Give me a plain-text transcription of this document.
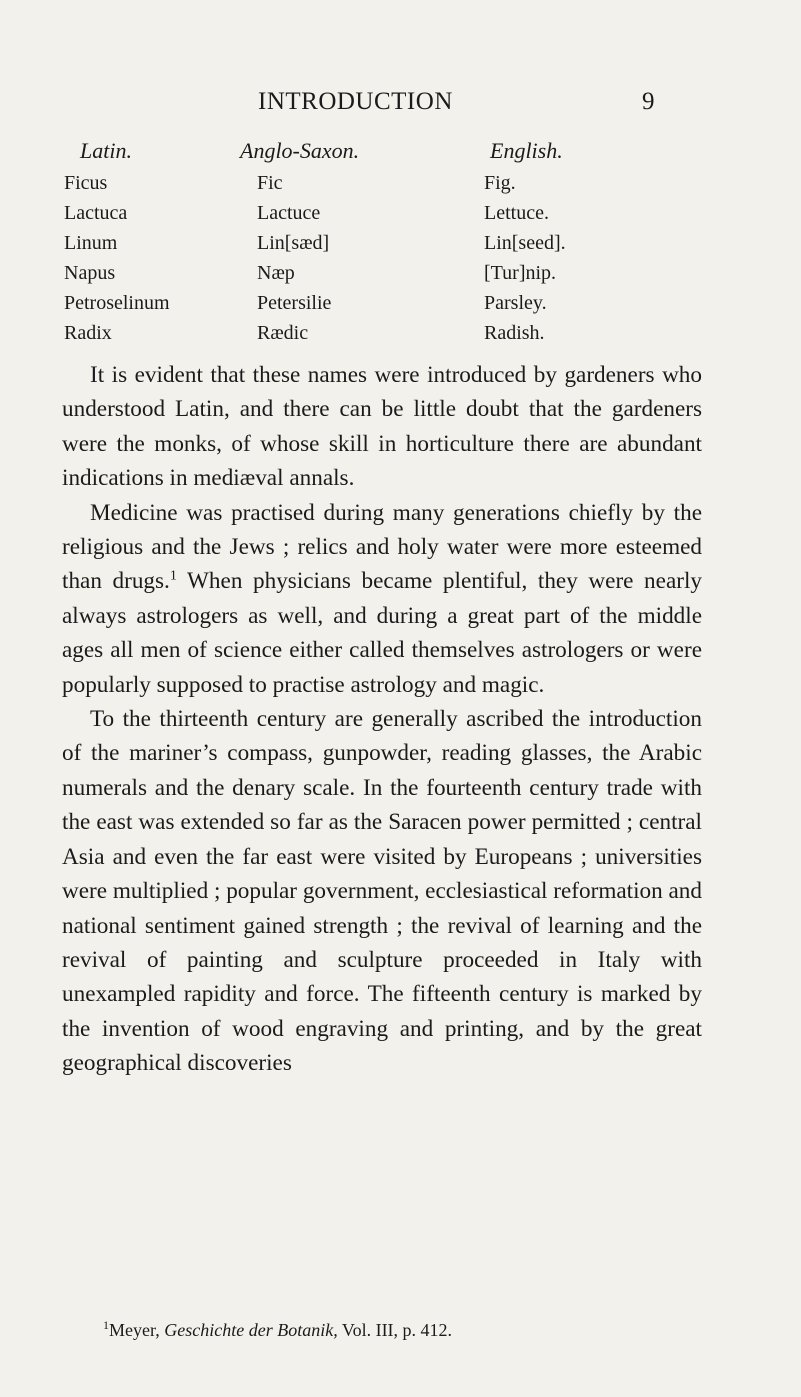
INTRODUCTION	9
Latin.	Anglo-Saxon.	English.
Ficus	Fic	Fig.
Lactuca	Lactuce	Lettuce.
Linum	Lin[sæd]	Lin[seed].
Napus	Næp	[Tur]nip.
Petroselinum	Petersilie	Parsley.
Radix	Rædic	Radish.

It is evident that these names were introduced by gardeners who understood Latin, and there can be little doubt that the gardeners were the monks, of whose skill in horticulture there are abundant indications in mediæval annals.

Medicine was practised during many generations chiefly by the religious and the Jews ; relics and holy water were more esteemed than drugs.$^1$ When physicians became plentiful, they were nearly always astrologers as well, and during a great part of the middle ages all men of science either called themselves astrologers or were popularly supposed to practise astrology and magic.

To the thirteenth century are generally ascribed the introduction of the mariner’s compass, gunpowder, reading glasses, the Arabic numerals and the denary scale. In the fourteenth century trade with the east was extended so far as the Saracen power permitted ; central Asia and even the far east were visited by Europeans ; universities were multiplied ; popular government, ecclesiastical reformation and national sentiment gained strength ; the revival of learning and the revival of painting and sculpture proceeded in Italy with unexampled rapidity and force. The fifteenth century is marked by the invention of wood engraving and printing, and by the great geographical discoveries

$^1$Meyer, Geschichte der Botanik, Vol. III, p. 412.
